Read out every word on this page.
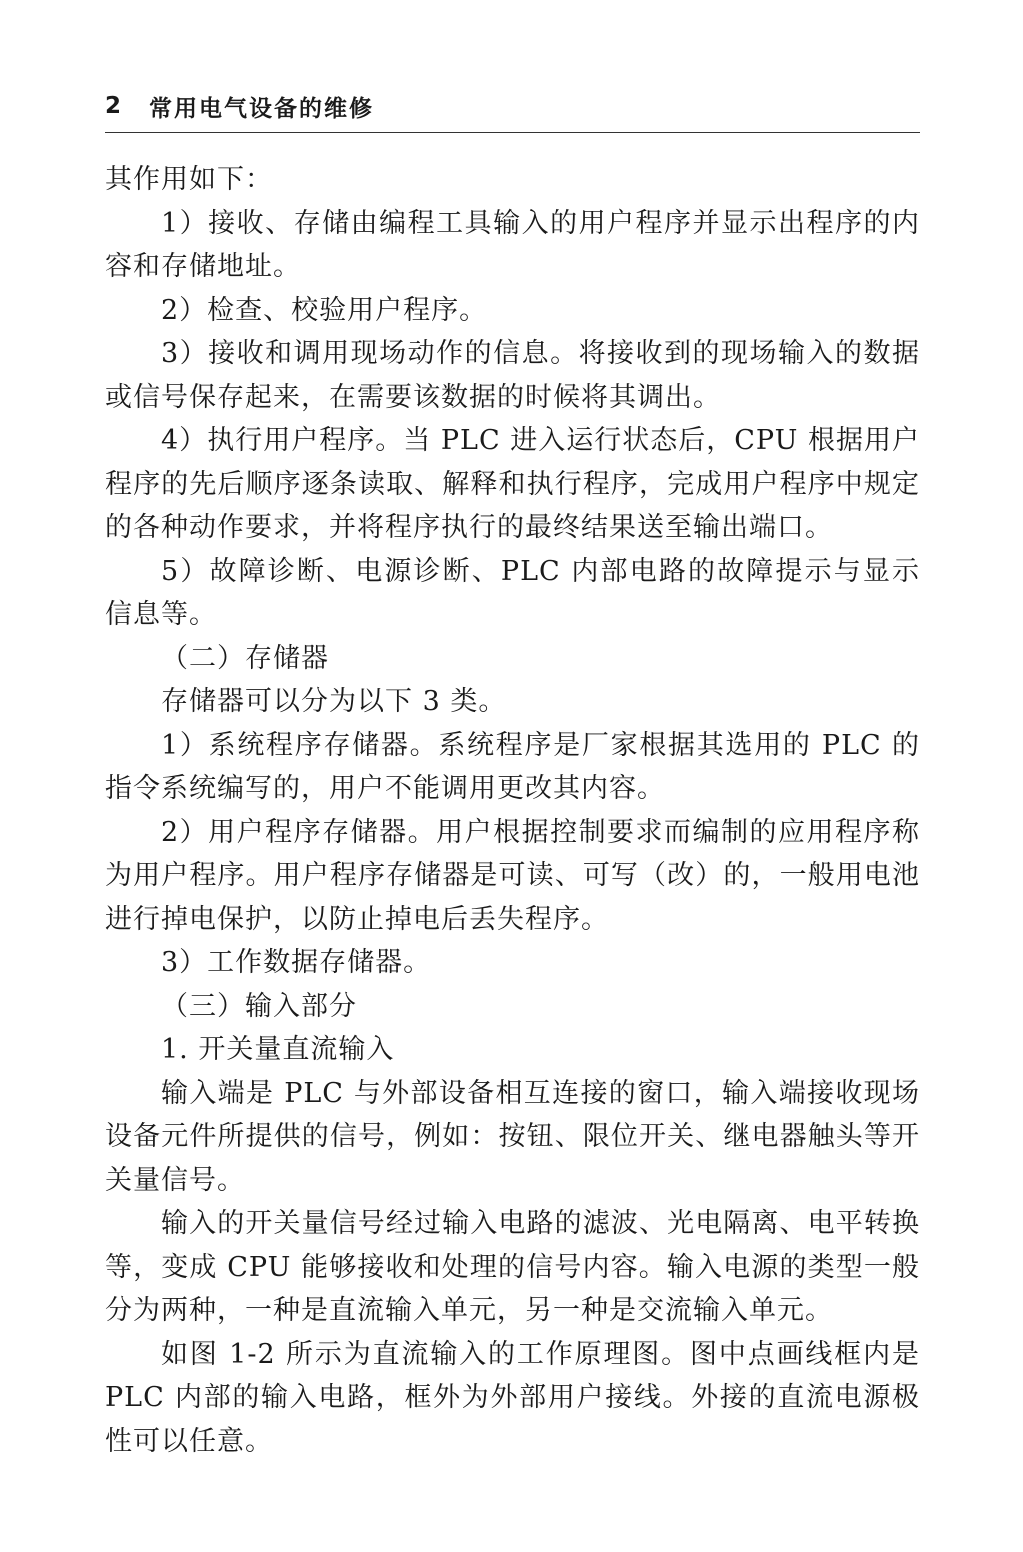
2 常用电气设备的维修

其作用如下：

1）接收、存储由编程工具输入的用户程序并显示出程序的内容和存储地址。

2）检查、校验用户程序。

3）接收和调用现场动作的信息。将接收到的现场输入的数据或信号保存起来，在需要该数据的时候将其调出。

4）执行用户程序。当 PLC 进入运行状态后，CPU 根据用户程序的先后顺序逐条读取、解释和执行程序，完成用户程序中规定的各种动作要求，并将程序执行的最终结果送至输出端口。

5）故障诊断、电源诊断、PLC 内部电路的故障提示与显示信息等。

（二）存储器

存储器可以分为以下 3 类。

1）系统程序存储器。系统程序是厂家根据其选用的 PLC 的指令系统编写的，用户不能调用更改其内容。

2）用户程序存储器。用户根据控制要求而编制的应用程序称为用户程序。用户程序存储器是可读、可写（改）的，一般用电池进行掉电保护，以防止掉电后丢失程序。

3）工作数据存储器。

（三）输入部分

1. 开关量直流输入

输入端是 PLC 与外部设备相互连接的窗口，输入端接收现场设备元件所提供的信号，例如：按钮、限位开关、继电器触头等开关量信号。

输入的开关量信号经过输入电路的滤波、光电隔离、电平转换等，变成 CPU 能够接收和处理的信号内容。输入电源的类型一般分为两种，一种是直流输入单元，另一种是交流输入单元。

如图 1-2 所示为直流输入的工作原理图。图中点画线框内是 PLC 内部的输入电路，框外为外部用户接线。外接的直流电源极性可以任意。
